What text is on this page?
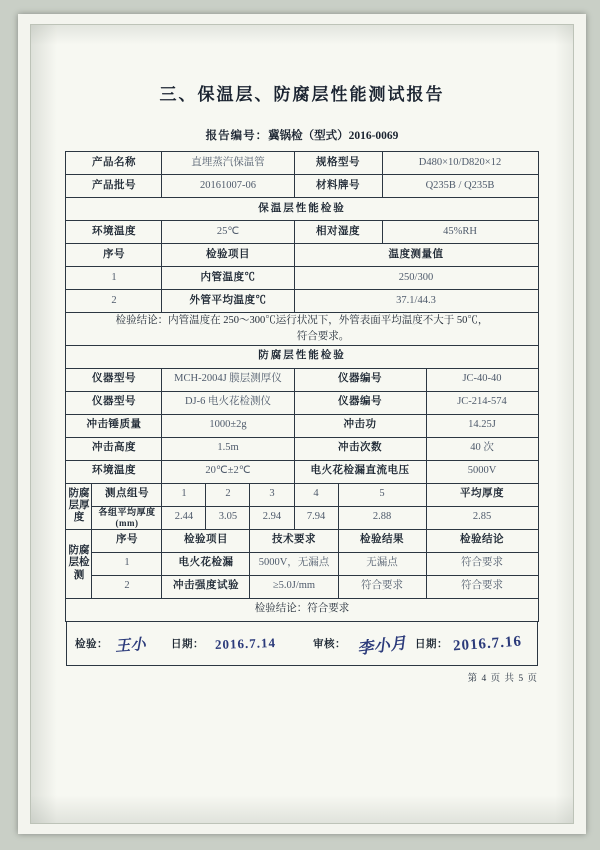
三、保温层、防腐层性能测试报告
报告编号：冀锅检（型式）2016-0069
产品名称		直埋蒸汽保温管			规格型号		D480×10/D820×12	
产品批号		20161007-06			材料牌号		Q235B / Q235B	
保温层性能检验								
环境温度		25℃			相对湿度		45%RH	
序号		检验项目			温度测量值			
1		内管温度℃			250/300			
2		外管平均温度℃			37.1/44.3			

检验结论：内管温度在 250～300℃运行状况下，外管表面平均温度不大于 50℃，
符合要求。								

防腐层性能检验								
仪器型号		MCH-2004J 膜层测厚仪			仪器编号			JC-40-40
仪器型号		DJ-6 电火花检测仪			仪器编号			JC-214-574
冲击锤质量		1000±2g			冲击功			14.25J
冲击高度		1.5m			冲击次数			40 次
环境温度		20℃±2℃			电火花检漏直流电压			5000V
防腐层厚度	测点组号	1	2	3	4	5		平均厚度
	各组平均厚度(mm)	2.44	3.05	2.94	7.94	2.88		2.85
防腐层检测	序号	检验项目		技术要求		检验结果		检验结论
	1	电火花检漏		5000V，无漏点		无漏点		符合要求
	2	冲击强度试验		≥5.0J/mm		符合要求		符合要求
检验结论：符合要求								
检验： 王小 日期： 2016.7.14	审核： 李小月 日期： 2016.7.16
第 4 页 共 5 页
